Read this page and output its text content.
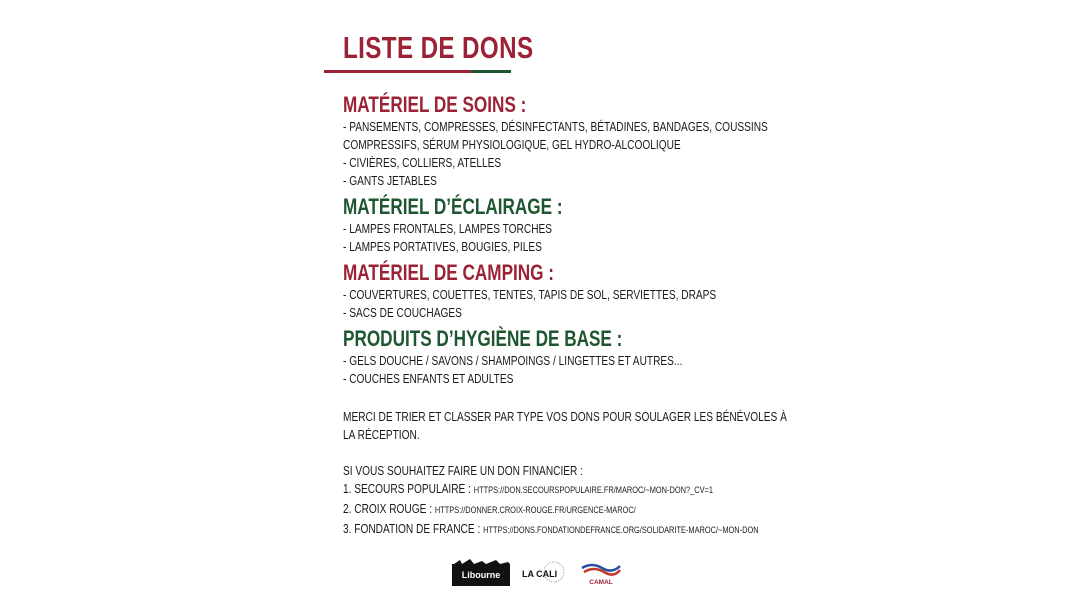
LISTE DE DONS
MATÉRIEL DE SOINS :
- PANSEMENTS, COMPRESSES, DÉSINFECTANTS, BÉTADINES, BANDAGES, COUSSINS
COMPRESSIFS, SÉRUM PHYSIOLOGIQUE, GEL HYDRO-ALCOOLIQUE
- CIVIÈRES, COLLIERS, ATELLES
- GANTS JETABLES
MATÉRIEL D’ÉCLAIRAGE :
- LAMPES FRONTALES, LAMPES TORCHES
- LAMPES PORTATIVES, BOUGIES, PILES
MATÉRIEL DE CAMPING :
- COUVERTURES, COUETTES, TENTES, TAPIS DE SOL, SERVIETTES, DRAPS
- SACS DE COUCHAGES
PRODUITS D’HYGIÈNE DE BASE :
- GELS DOUCHE / SAVONS / SHAMPOINGS / LINGETTES ET AUTRES...
- COUCHES ENFANTS ET ADULTES
MERCI DE TRIER ET CLASSER PAR TYPE VOS DONS POUR SOULAGER LES BÉNÉVOLES À
LA RÉCEPTION.
SI VOUS SOUHAITEZ FAIRE UN DON FINANCIER :
1. SECOURS POPULAIRE : HTTPS://DON.SECOURSPOPULAIRE.FR/MAROC/~MON-DON?_CV=1
2. CROIX ROUGE : HTTPS://DONNER.CROIX-ROUGE.FR/URGENCE-MAROC/
3. FONDATION DE FRANCE : HTTPS://DONS.FONDATIONDEFRANCE.ORG/SOLIDARITE-MAROC/~MON-DON
Libourne LA CALI
CAMAL
